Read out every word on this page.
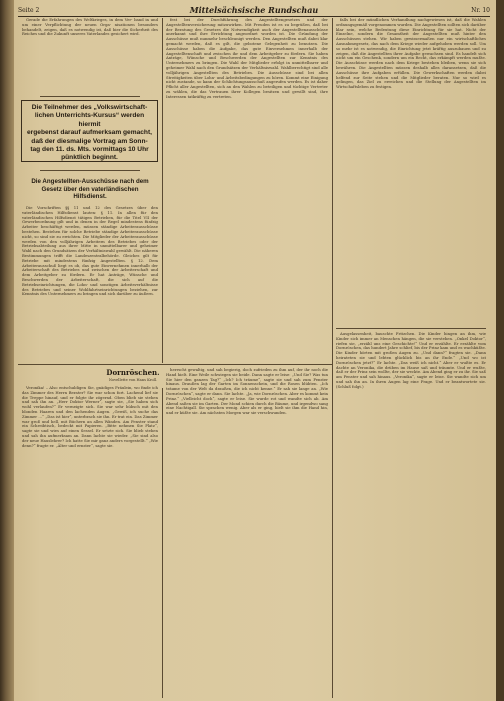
Seite 2	Mittelsächsische Rundschau	Nr. 10

Gerade die Erfahrungen des Weltkrieges, in dem Ver- band in und um einer Verpflichtung der neuen Orga- nisationen besonders behandelt, zeigen, daß es notwendig ist, daß hier die Sicherheit des Reiches und die Zukunft unseres Vaterlandes gesichert wird.

Die Teilnehmer des „Volkswirtschaft-
lichen Unterrichts-Kursus“ werden hiermit
ergebenst darauf aufmerksam gemacht,
daß der diesmalige Vortrag am Sonn-
tag den 11. ds. Mts. vormittags 10 Uhr
pünktlich beginnt.
Die Angestellten-Ausschüsse nach dem
Gesetz über den vaterländischen
Hilfsdienst.

Die Vorschriften §§ 11 und 12 des Gesetzes über den vaterländischen Hilfsdienst lauten: § 11. In allen für den vaterländischen Hilfsdienst tätigen Betrieben, für die Titel VII der Gewerbeordnung gilt und in denen in der Regel mindestens fünfzig Arbeiter beschäftigt werden, müssen ständige Arbeiterausschüsse bestehen. Bestehen für solche Betriebe ständige Arbeiterausschüsse nicht, so sind sie zu errichten. Die Mitglieder der Arbeiterausschüsse werden von den volljährigen Arbeitern des Betriebes oder der Betriebsabteilung aus ihrer Mitte in unmittelbarer und geheimer Wahl nach den Grundsätzen der Verhältniswahl gewählt. Die näheren Bestimmungen trifft die Landeszentralbehörde. Gleiches gilt für Betriebe mit mindestens fünfzig Angestellten. § 12. Dem Arbeiterausschuß liegt es ob, das gute Einvernehmen innerhalb der Arbeiterschaft des Betriebes und zwischen der Arbeiterschaft und dem Arbeitgeber zu fördern. Er hat Anträge, Wünsche und Beschwerden der Arbeiterschaft, die sich auf die Betriebseinrichtungen, die Lohn- und sonstigen Arbeitsverhältnisse des Betriebes und seiner Wohlfahrtseinrichtungen beziehen, zur Kenntnis des Unternehmers zu bringen und sich darüber zu äußern.

fest bei der Durchführung des Angestelltengesetzes und der Angestelltenversicherung mitzuwirken. Mit Freuden ist es zu begrüßen, daß bei der Beratung des Gesetzes die Notwendigkeit auch der Angestelltenausschüsse anerkannt und ihre Errichtung angeordnet worden ist. Die Gründung der Ausschüsse muß nunmehr beschleunigt werden. Den Angestellten muß dabei klar gemacht werden, daß es gilt, die gebotene Gelegenheit zu benutzen. Die Ausschüsse haben die Aufgabe, das gute Einvernehmen innerhalb der Angestelltenschaft und zwischen ihr und dem Arbeitgeber zu fördern. Sie haben Anträge, Wünsche und Beschwerden der Angestellten zur Kenntnis des Unternehmers zu bringen. Die Wahl der Mitglieder erfolgt in unmittelbarer und geheimer Wahl nach den Grundsätzen der Verhältniswahl. Wahlberechtigt sind alle volljährigen Angestellten des Betriebes. Die Ausschüsse sind bei allen Streitigkeiten über Lohn- und Arbeitsbedingungen zu hören. Kommt eine Einigung nicht zustande, so kann der Schlichtungsausschuß angerufen werden. Es ist daher Pflicht aller Angestellten, sich an den Wahlen zu beteiligen und tüchtige Vertreter zu wählen, die das Vertrauen ihrer Kollegen besitzen und gewillt sind, ihre Interessen tatkräftig zu vertreten.

falls bei der mündlichen Verhandlung nachgewiesen ist, daß die Wahlen ordnungsgemäß vorgenommen wurden. Die Angestellten sollten sich darüber klar sein, welche Bedeutung diese Einrichtung für sie hat. Nicht der Einzelne, sondern die Gesamtheit der Angestellten muß hinter den Ausschüssen stehen. Wir haben gewissermaßen nur ein wirtschaftliches Ausnahmegesetz, das nach dem Kriege wieder aufgehoben werden soll. Um so mehr ist es notwendig, die Einrichtung jetzt kräftig auszubauen und zu zeigen, daß die Angestellten ihrer Aufgabe gewachsen sind. Es handelt sich nicht um ein Geschenk, sondern um ein Recht, das erkämpft werden mußte. Die Ausschüsse werden nach dem Kriege bestehen bleiben, wenn sie sich bewähren. Die Angestellten müssen deshalb alles daransetzen, daß die Ausschüsse ihre Aufgaben erfüllen. Die Gewerkschaften werden dabei helfend zur Seite stehen und die Mitglieder beraten. Nur so wird es gelingen, das Ziel zu erreichen und die Stellung der Angestellten im Wirtschaftsleben zu festigen.

Ausgelassenheit, bauschte Fritzchen. Die Kinder hingen an ihm, wie Kinder sich immer an Menschen hängen, die sie verstehen. „Onkel Doktor“, riefen sie, „erzähl uns eine Geschichte!“ Und er erzählte. Er erzählte vom Dornröschen, das hundert Jahre schlief, bis der Prinz kam und es wachküßte. Die Kinder hörten mit großen Augen zu. „Und dann?“ fragten sie. „Dann heirateten sie und lebten glücklich bis an ihr Ende.“ „Und wo ist Dornröschen jetzt?“ Er lachte. „Das weiß ich nicht.“ Aber er wußte es. Er dachte an Veronika, die drüben im Hause saß und träumte. Und er wußte, daß er der Prinz sein wollte, der sie weckte. Am Abend ging er zu ihr. Sie saß am Fenster und sah hinaus. „Veronika“, sagte er leise. Sie wandte sich um und sah ihn an. In ihren Augen lag eine Frage. Und er beantwortete sie. (Schluß folgt.)

Dornröschen.
Novellette von Hans Kroll.

Veronika! – Also entschuldigen Sie, gnädiges Fräulein, wo finde ich das Zimmer des Herrn Berater? Sie war schon fort. Lachend lief sie die Treppe hinauf, und er folgte ihr zögernd. Oben blieb sie stehen und sah ihn an. „Herr Doktor Werner“, sagte sie, „Sie haben sich wohl verlaufen?“ Er verneigte sich. Sie war sehr hübsch mit den blonden Haaren und den lachenden Augen. „Gewiß, ich suche das Zimmer …“ „Das ist hier“, unterbrach sie ihn. Er trat ein. Das Zimmer war groß und hell, mit Büchern an allen Wänden. Am Fenster stand ein Schreibtisch, bedeckt mit Papieren. „Bitte nehmen Sie Platz“, sagte sie und wies auf einen Sessel. Er setzte sich. Sie blieb stehen und sah ihn aufmerksam an. Dann lachte sie wieder. „Sie sind also der neue Hauslehrer? Ich hatte Sie mir ganz anders vorgestellt.“ „Wie denn?“ fragte er. „Älter und ernster“, sagte sie.

herrscht gewaltig, und sah begierig, doch zufrieden zu ihm auf, der ihr noch die Hand hielt. Eine Weile schwiegen sie beide. Dann sagte er leise: „Und Sie? Was tun Sie hier den ganzen Tag?“ „Ich? Ich träume“, sagte sie und sah zum Fenster hinaus. Draußen lag der Garten im Sonnenschein, und die Rosen blühten. „Ich träume von der Welt da draußen, die ich nicht kenne.“ Er sah sie lange an. „Wie Dornröschen“, sagte er dann. Sie lachte. „Ja, wie Dornröschen. Aber es kommt kein Prinz.“ „Vielleicht doch“, sagte er leise. Sie wurde rot und wandte sich ab. Am Abend saßen sie im Garten. Der Mond schien durch die Bäume, und irgendwo sang eine Nachtigall. Sie sprachen wenig. Aber als er ging, hielt sie ihm die Hand hin, und er küßte sie. Am nächsten Morgen war sie verschwunden.
